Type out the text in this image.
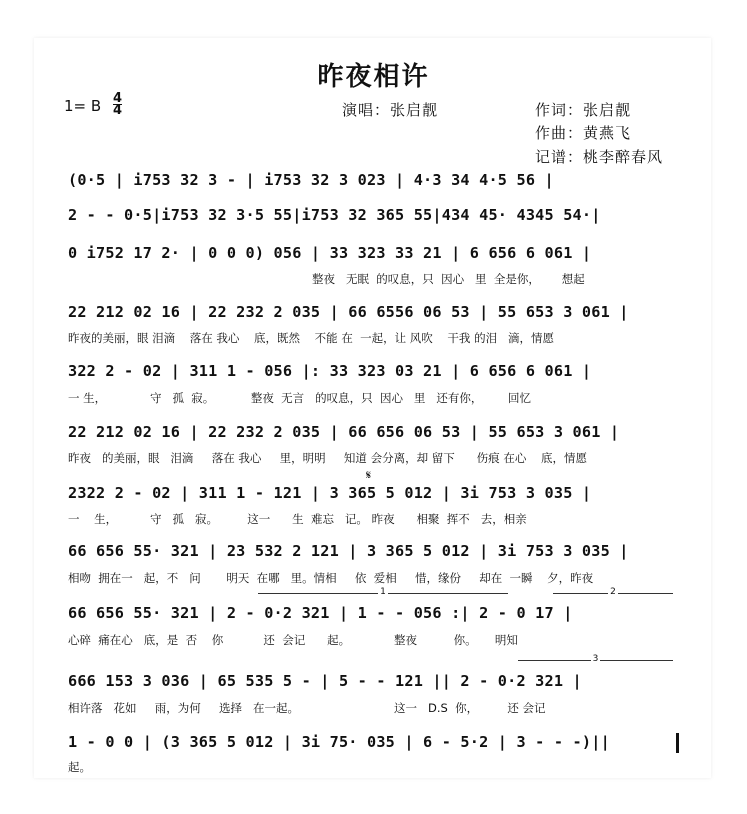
昨夜相许
1= B 4
4	演唱：张启靓	作词：张启靓
作曲：黄燕飞
记谱：桃李醉春风
(0·5 | i753 32 3 - | i753 32 3 023 | 4·3 34 4·5 56 |
2 - - 0·5|i753 32 3·5 55|i753 32 365 55|434 45· 4345 54·|
0 i752 17 2· | 0 0 0) 056 | 33 323 33 21 | 6 656 6 061 |
整夜   无眠  的叹息，只  因心   里  全是你，      想起
22 212 02 16 | 22 232 2 035 | 66 6556 06 53 | 55 653 3 061 |
昨夜的美丽，眼 泪滴    落在 我心    底，既然    不能 在  一起，让 风吹    干我 的泪   滴，情愿
322 2 - 02 | 311 1 - 056 |: 33 323 03 21 | 6 656 6 061 |
一 生，            守   孤  寂。          整夜  无言   的叹息，只  因心   里   还有你，       回忆
22 212 02 16 | 22 232 2 035 | 66 656 06 53 | 55 653 3 061 |
昨夜   的美丽，眼   泪滴     落在 我心     里，明明     知道 会分离，却 留下      伤痕 在心    底，情愿
2322 2 - 02 | 311 1 - 121 | 3 365 5 012 | 3i 753 3 035 |
一    生，         守   孤   寂。        这一      生  难忘   记。 昨夜      相聚  挥不   去，相亲
66 656 55· 321 | 23 532 2 121 | 3 365 5 012 | 3i 753 3 035 |
相吻  拥在一   起，不   问       明天  在哪   里。情相     依  爱相     惜，缘份     却在  一瞬    夕，昨夜
66 656 55· 321 | 2 - 0·2 321 | 1 - - 056 :| 2 - 0 17 |
心碎  痛在心   底，是  否    你           还  会记      起。            整夜          你。     明知
666 153 3 036 | 65 535 5 - | 5 - - 121 || 2 - 0·2 321 |
相许落   花如     雨，为何     选择   在一起。                          这一   D.S  你，        还 会记
1 - 0 0 | (3 365 5 012 | 3i 75· 035 | 6 - 5·2 | 3 - - -)||
起。
1	2
3
𝄋
